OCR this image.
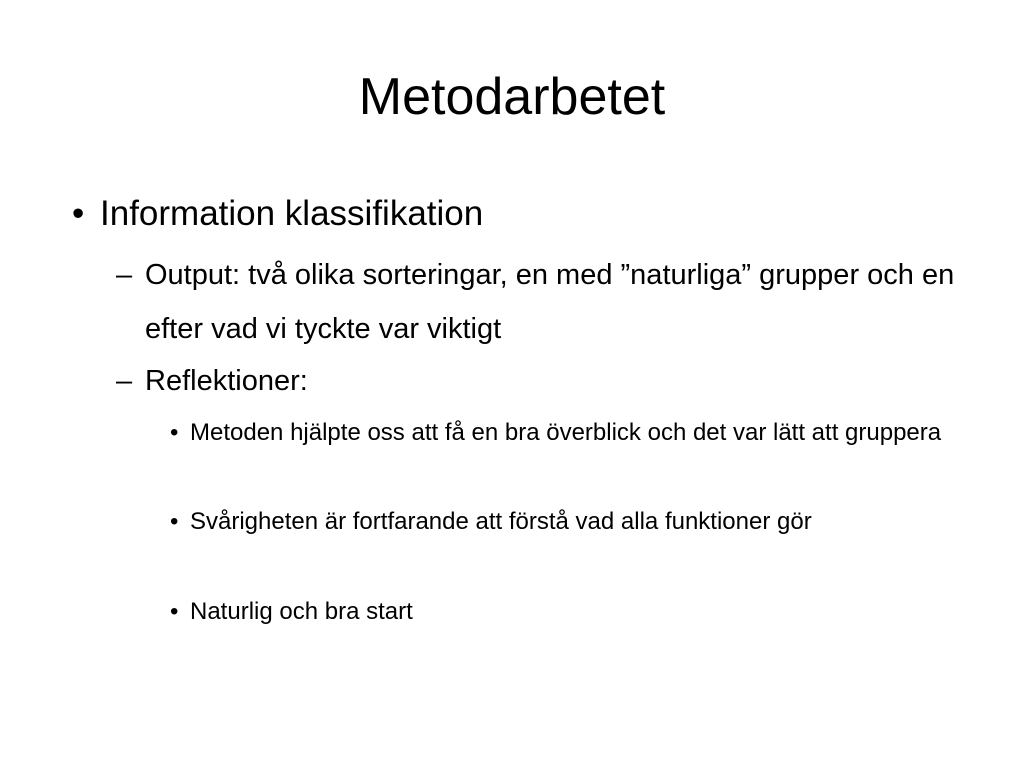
Metodarbetet

• Information klassifikation

– Output: två olika sorteringar, en med ”naturliga” grupper och en efter vad vi tyckte var viktigt

– Reflektioner:

• Metoden hjälpte oss att få en bra överblick och det var lätt att gruppera

• Svårigheten är fortfarande att förstå vad alla funktioner gör

• Naturlig och bra start
